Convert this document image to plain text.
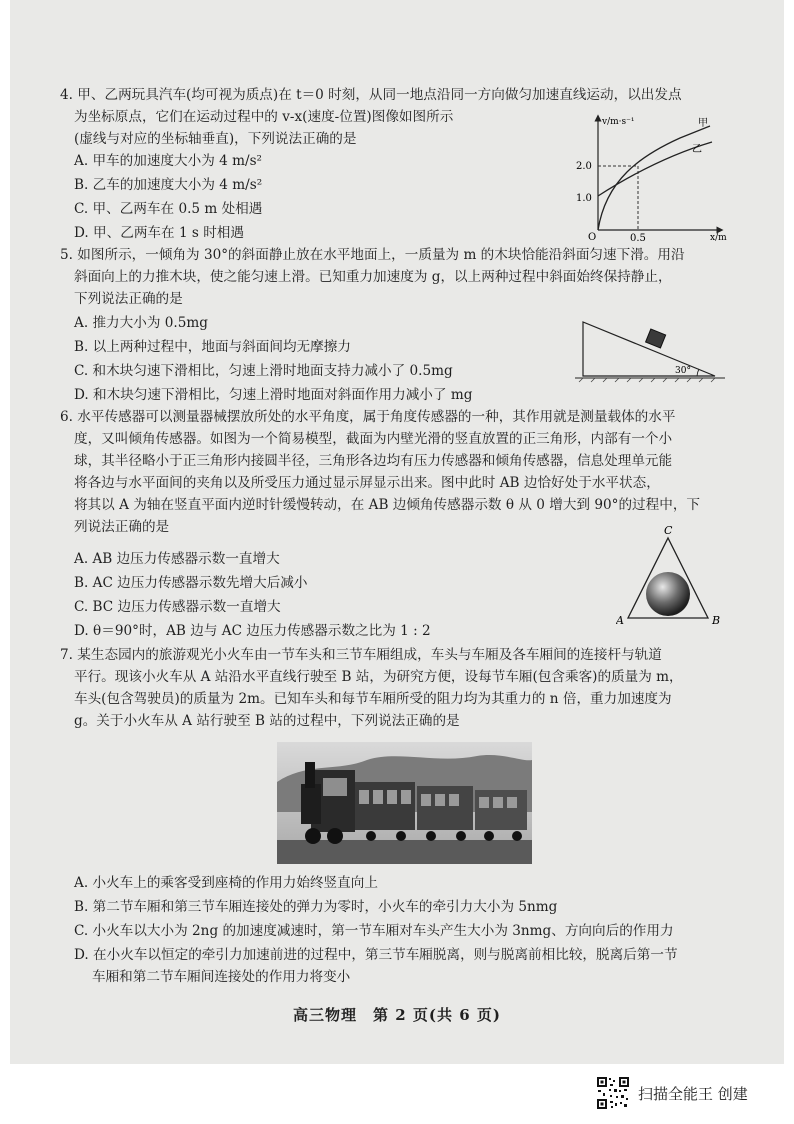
4. 甲、乙两玩具汽车(均可视为质点)在 t＝0 时刻，从同一地点沿同一方向做匀加速直线运动，以出发点
为坐标原点，它们在运动过程中的 v-x(速度-位置)图像如图所示
(虚线与对应的坐标轴垂直)，下列说法正确的是
A. 甲车的加速度大小为 4 m/s²
B. 乙车的加速度大小为 4 m/s²
C. 甲、乙两车在 0.5 m 处相遇
D. 甲、乙两车在 1 s 时相遇
v/m·s⁻¹
x/m
O
2.0
1.0
0.5
甲
乙
5. 如图所示，一倾角为 30°的斜面静止放在水平地面上，一质量为 m 的木块恰能沿斜面匀速下滑。用沿
斜面向上的力推木块，使之能匀速上滑。已知重力加速度为 g，以上两种过程中斜面始终保持静止，
下列说法正确的是
A. 推力大小为 0.5mg
B. 以上两种过程中，地面与斜面间均无摩擦力
C. 和木块匀速下滑相比，匀速上滑时地面支持力减小了 0.5mg
D. 和木块匀速下滑相比，匀速上滑时地面对斜面作用力减小了 mg
30°
6. 水平传感器可以测量器械摆放所处的水平角度，属于角度传感器的一种，其作用就是测量载体的水平
度，又叫倾角传感器。如图为一个简易模型，截面为内壁光滑的竖直放置的正三角形，内部有一个小
球，其半径略小于正三角形内接圆半径，三角形各边均有压力传感器和倾角传感器，信息处理单元能
将各边与水平面间的夹角以及所受压力通过显示屏显示出来。图中此时 AB 边恰好处于水平状态，
将其以 A 为轴在竖直平面内逆时针缓慢转动，在 AB 边倾角传感器示数 θ 从 0 增大到 90°的过程中，下
列说法正确的是
A. AB 边压力传感器示数一直增大
B. AC 边压力传感器示数先增大后减小
C. BC 边压力传感器示数一直增大
D. θ＝90°时，AB 边与 AC 边压力传感器示数之比为 1 : 2
A	B
C
7. 某生态园内的旅游观光小火车由一节车头和三节车厢组成，车头与车厢及各车厢间的连接杆与轨道
平行。现该小火车从 A 站沿水平直线行驶至 B 站，为研究方便，设每节车厢(包含乘客)的质量为 m，
车头(包含驾驶员)的质量为 2m。已知车头和每节车厢所受的阻力均为其重力的 n 倍，重力加速度为
g。关于小火车从 A 站行驶至 B 站的过程中，下列说法正确的是
A. 小火车上的乘客受到座椅的作用力始终竖直向上
B. 第二节车厢和第三节车厢连接处的弹力为零时，小火车的牵引力大小为 5nmg
C. 小火车以大小为 2ng 的加速度减速时，第一节车厢对车头产生大小为 3nmg、方向向后的作用力
D. 在小火车以恒定的牵引力加速前进的过程中，第三节车厢脱离，则与脱离前相比较，脱离后第一节
车厢和第二节车厢间连接处的作用力将变小
高三物理　第 2 页(共 6 页)
扫描全能王 创建
